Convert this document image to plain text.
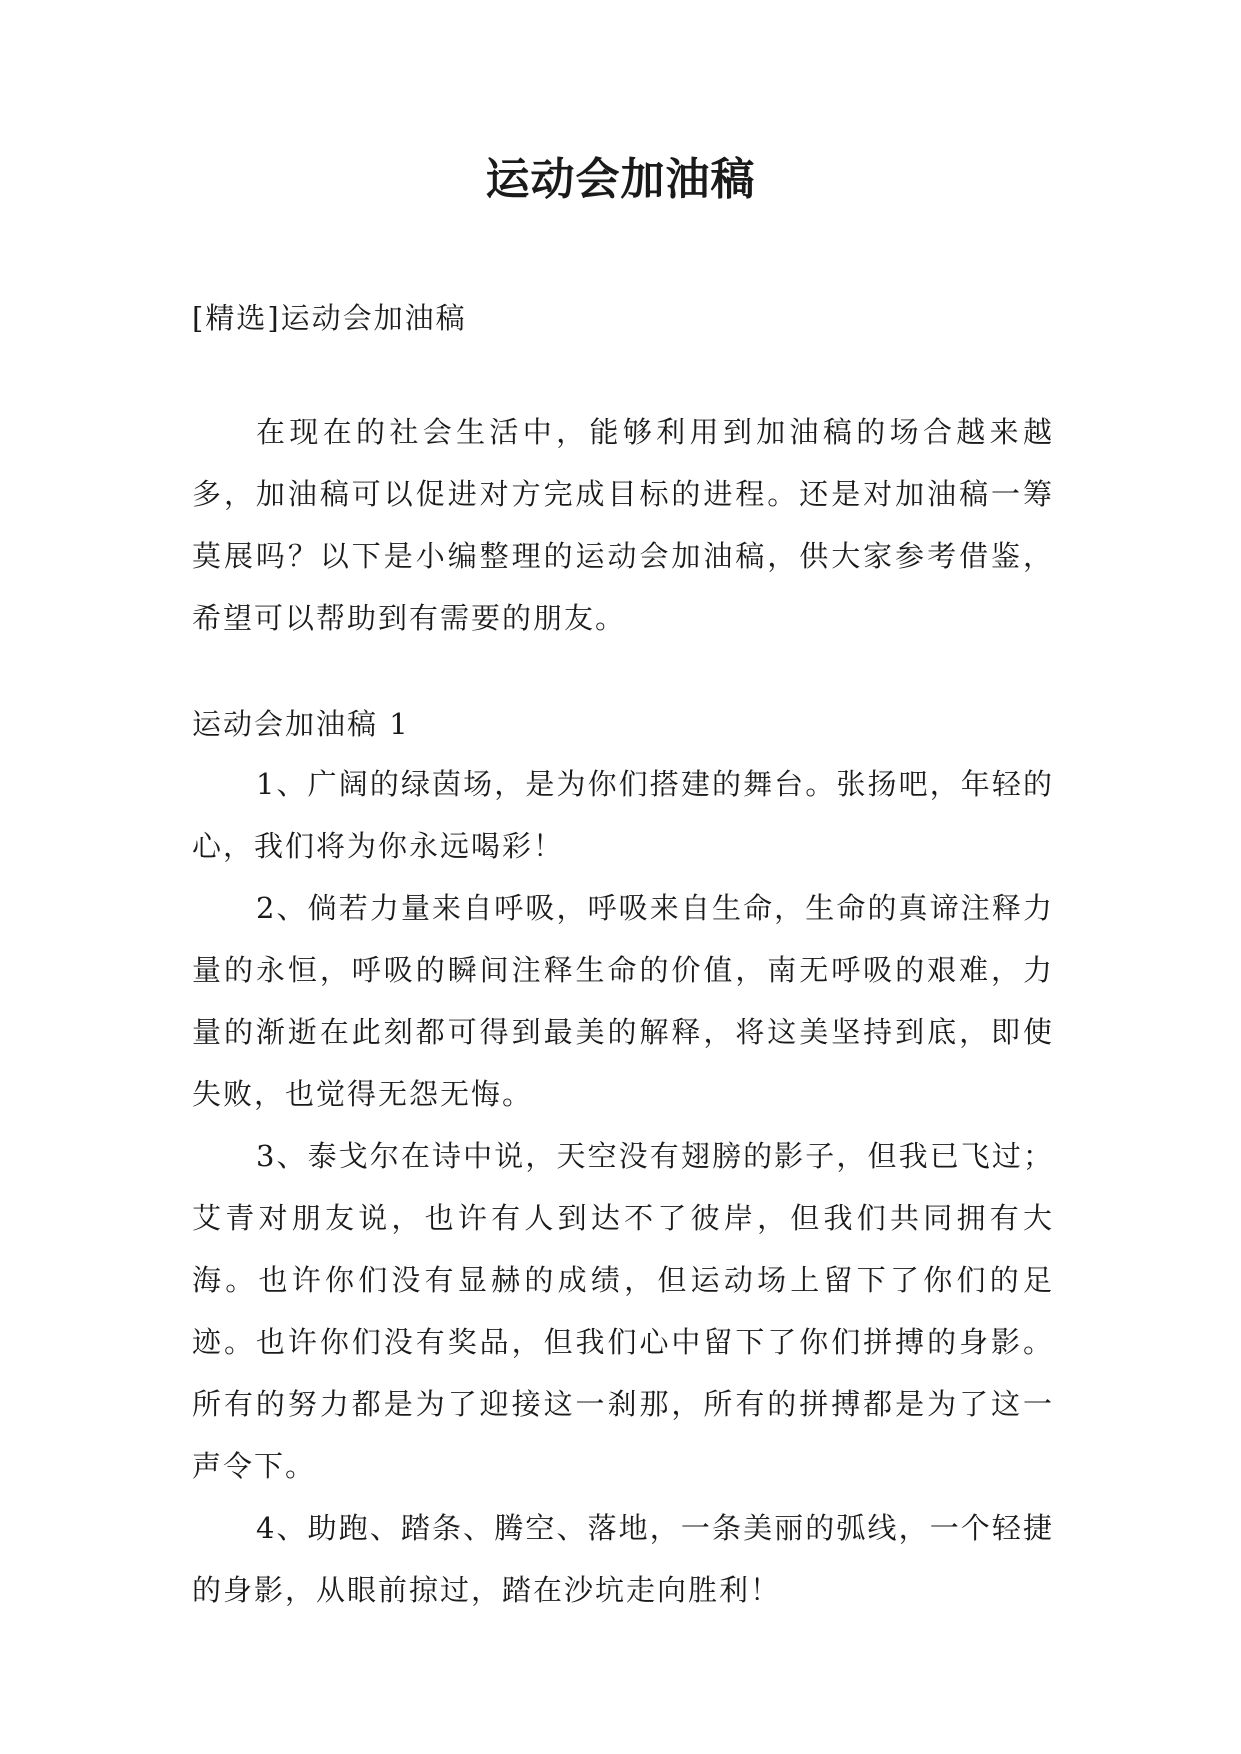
运动会加油稿
[精选]运动会加油稿

在现在的社会生活中，能够利用到加油稿的场合越来越多，加油稿可以促进对方完成目标的进程。还是对加油稿一筹莫展吗？以下是小编整理的运动会加油稿，供大家参考借鉴，希望可以帮助到有需要的朋友。

运动会加油稿 1

1、广阔的绿茵场，是为你们搭建的舞台。张扬吧，年轻的心，我们将为你永远喝彩！

2、倘若力量来自呼吸，呼吸来自生命，生命的真谛注释力量的永恒，呼吸的瞬间注释生命的价值，南无呼吸的艰难，力量的渐逝在此刻都可得到最美的解释，将这美坚持到底，即使失败，也觉得无怨无悔。

3、泰戈尔在诗中说，天空没有翅膀的影子，但我已飞过；艾青对朋友说，也许有人到达不了彼岸，但我们共同拥有大海。也许你们没有显赫的成绩，但运动场上留下了你们的足迹。也许你们没有奖品，但我们心中留下了你们拼搏的身影。所有的努力都是为了迎接这一刹那，所有的拼搏都是为了这一声令下。

4、助跑、踏条、腾空、落地，一条美丽的弧线，一个轻捷的身影，从眼前掠过，踏在沙坑走向胜利！
